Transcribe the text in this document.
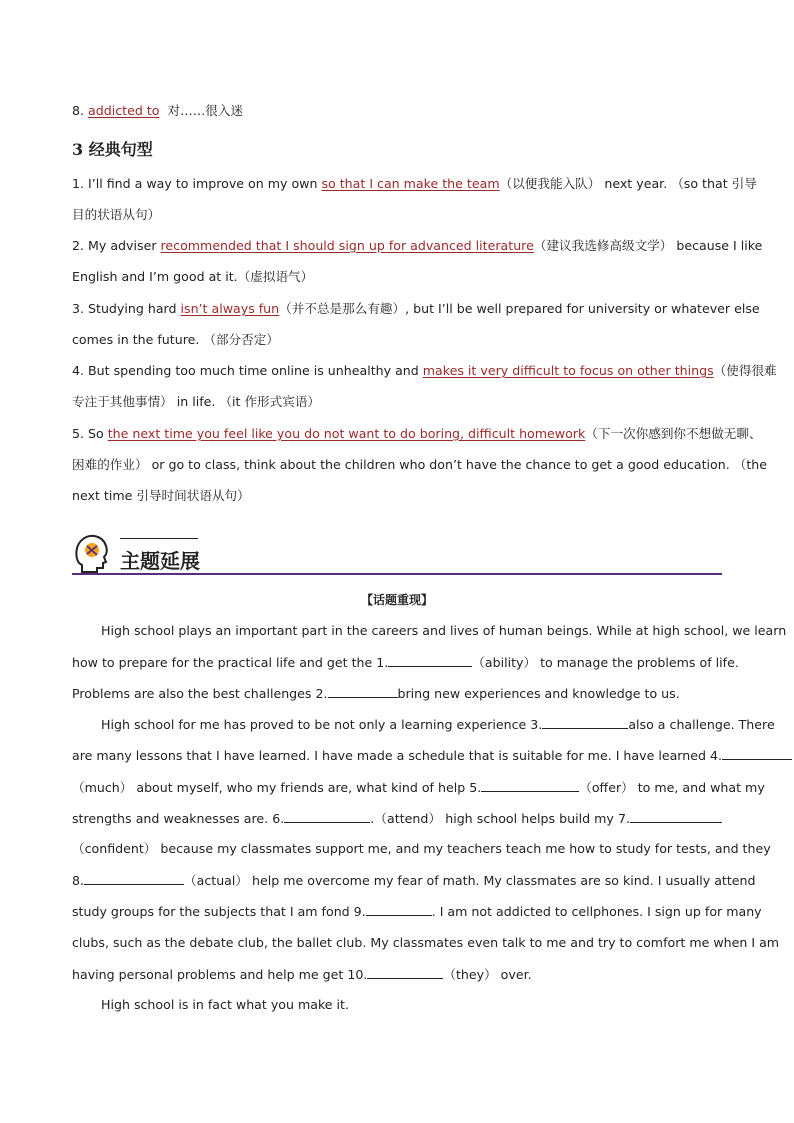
8. addicted to 对……很入迷
3 经典句型
1. I’ll find a way to improve on my own so that I can make the team（以便我能入队） next year. （so that 引导
目的状语从句）
2. My adviser recommended that I should sign up for advanced literature（建议我选修高级文学） because I like
English and I’m good at it.（虚拟语气）
3. Studying hard isn’t always fun（并不总是那么有趣）, but I’ll be well prepared for university or whatever else
comes in the future. （部分否定）
4. But spending too much time online is unhealthy and makes it very difficult to focus on other things（使得很难
专注于其他事情） in life. （it 作形式宾语）
5. So the next time you feel like you do not want to do boring, difficult homework（下一次你感到你不想做无聊、
困难的作业） or go to class, think about the children who don’t have the chance to get a good education. （the
next time 引导时间状语从句）
主题延展
【话题重现】
High school plays an important part in the careers and lives of human beings. While at high school, we learn
how to prepare for the practical life and get the 1.	（ability） to manage the problems of life.
Problems are also the best challenges 2.	bring new experiences and knowledge to us.
High school for me has proved to be not only a learning experience 3.	also a challenge. There
are many lessons that I have learned. I have made a schedule that is suitable for me. I have learned 4.
（much） about myself, who my friends are, what kind of help 5.	（offer） to me, and what my
strengths and weaknesses are. 6.	.（attend） high school helps build my 7.
（confident） because my classmates support me, and my teachers teach me how to study for tests, and they
8.	（actual） help me overcome my fear of math. My classmates are so kind. I usually attend
study groups for the subjects that I am fond 9.	. I am not addicted to cellphones. I sign up for many
clubs, such as the debate club, the ballet club. My classmates even talk to me and try to comfort me when I am
having personal problems and help me get 10.	（they） over.
High school is in fact what you make it.
